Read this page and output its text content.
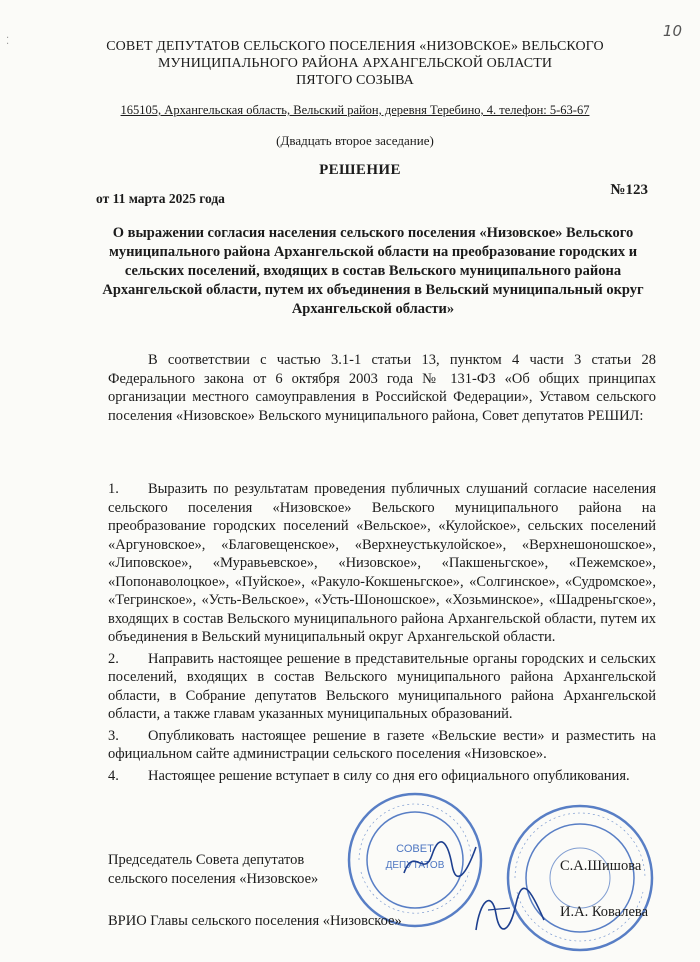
10
⁚	СОВЕТ ДЕПУТАТОВ СЕЛЬСКОГО ПОСЕЛЕНИЯ «НИЗОВСКОЕ» ВЕЛЬСКОГО
МУНИЦИПАЛЬНОГО РАЙОНА АРХАНГЕЛЬСКОЙ ОБЛАСТИ
ПЯТОГО СОЗЫВА
165105, Архангельская область, Вельский район, деревня Теребино, 4. телефон: 5-63-67
(Двадцать второе заседание)
РЕШЕНИЕ
от 11 марта 2025 года
№123
О выражении согласия населения сельского поселения «Низовское» Вельского муниципального района Архангельской области на преобразование городских и сельских поселений, входящих в состав Вельского муниципального района Архангельской области, путем их объединения в Вельский муниципальный округ Архангельской области»
В соответствии с частью 3.1-1 статьи 13, пунктом 4 части 3 статьи 28 Федерального закона от 6 октября 2003 года № 131-ФЗ «Об общих принципах организации местного самоуправления в Российской Федерации», Уставом сельского поселения «Низовское» Вельского муниципального района, Совет депутатов РЕШИЛ:
1. Выразить по результатам проведения публичных слушаний согласие населения сельского поселения «Низовское» Вельского муниципального района на преобразование городских поселений «Вельское», «Кулойское», сельских поселений «Аргуновское», «Благовещенское», «Верхнеустькулойское», «Верхнешоношское», «Липовское», «Муравьевское», «Низовское», «Пакшеньгское», «Пежемское», «Попонаволоцкое», «Пуйское», «Ракуло-Кокшеньгское», «Солгинское», «Судромское», «Тегринское», «Усть-Вельское», «Усть-Шоношское», «Хозьминское», «Шадреньгское», входящих в состав Вельского муниципального района Архангельской области, путем их объединения в Вельский муниципальный округ Архангельской области.
2. Направить настоящее решение в представительные органы городских и сельских поселений, входящих в состав Вельского муниципального района Архангельской области, в Собрание депутатов Вельского муниципального района Архангельской области, а также главам указанных муниципальных образований.
3. Опубликовать настоящее решение в газете «Вельские вести» и разместить на официальном сайте администрации сельского поселения «Низовское».
4. Настоящее решение вступает в силу со дня его официального опубликования.
СОВЕТ
ДЕПУТАТОВ
Председатель Совета депутатов
сельского поселения «Низовское»
С.А.Шишова
ВРИО Главы сельского поселения «Низовское»
И.А. Ковалева
